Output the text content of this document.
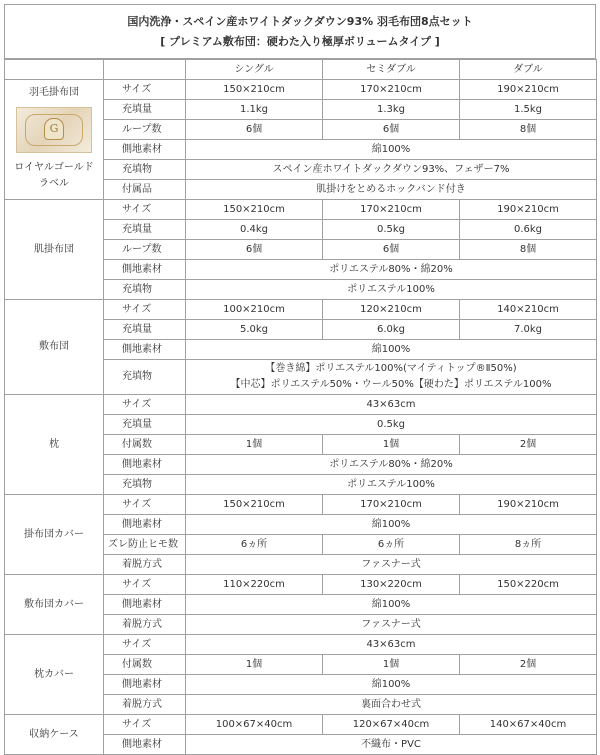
国内洗浄・スペイン産ホワイトダックダウン93% 羽毛布団8点セット
[ プレミアム敷布団：硬わた入り極厚ボリュームタイプ ]
		シングル	セミダブル	ダブル

羽毛掛布団
G
ロイヤルゴールド
ラベル	サイズ	150×210cm	170×210cm	190×210cm
	充填量	1.1kg	1.3kg	1.5kg
	ループ数	6個	6個	8個
	側地素材	綿100%		
	充填物	スペイン産ホワイトダックダウン93%、フェザー7%		
	付属品	肌掛けをとめるホックバンド付き		
肌掛布団	サイズ	150×210cm	170×210cm	190×210cm
	充填量	0.4kg	0.5kg	0.6kg
	ループ数	6個	6個	8個
	側地素材	ポリエステル80%・綿20%		
	充填物	ポリエステル100%		
敷布団	サイズ	100×210cm	120×210cm	140×210cm
	充填量	5.0kg	6.0kg	7.0kg
	側地素材	綿100%		
	充填物	【巻き綿】ポリエステル100%(マイティトップ®Ⅱ50%)
【中芯】ポリエステル50%・ウール50%【硬わた】ポリエステル100%		

枕	サイズ	43×63cm		
	充填量	0.5kg		
	付属数	1個	1個	2個
	側地素材	ポリエステル80%・綿20%		
	充填物	ポリエステル100%		
掛布団カバー	サイズ	150×210cm	170×210cm	190×210cm
	側地素材	綿100%		
	ズレ防止ヒモ数	6ヵ所	6ヵ所	8ヵ所
	着脱方式	ファスナー式		
敷布団カバー	サイズ	110×220cm	130×220cm	150×220cm
	側地素材	綿100%		
	着脱方式	ファスナー式		
枕カバー	サイズ	43×63cm		
	付属数	1個	1個	2個
	側地素材	綿100%		
	着脱方式	裏面合わせ式		
収納ケース	サイズ	100×67×40cm	120×67×40cm	140×67×40cm
	側地素材	不織布・PVC		
